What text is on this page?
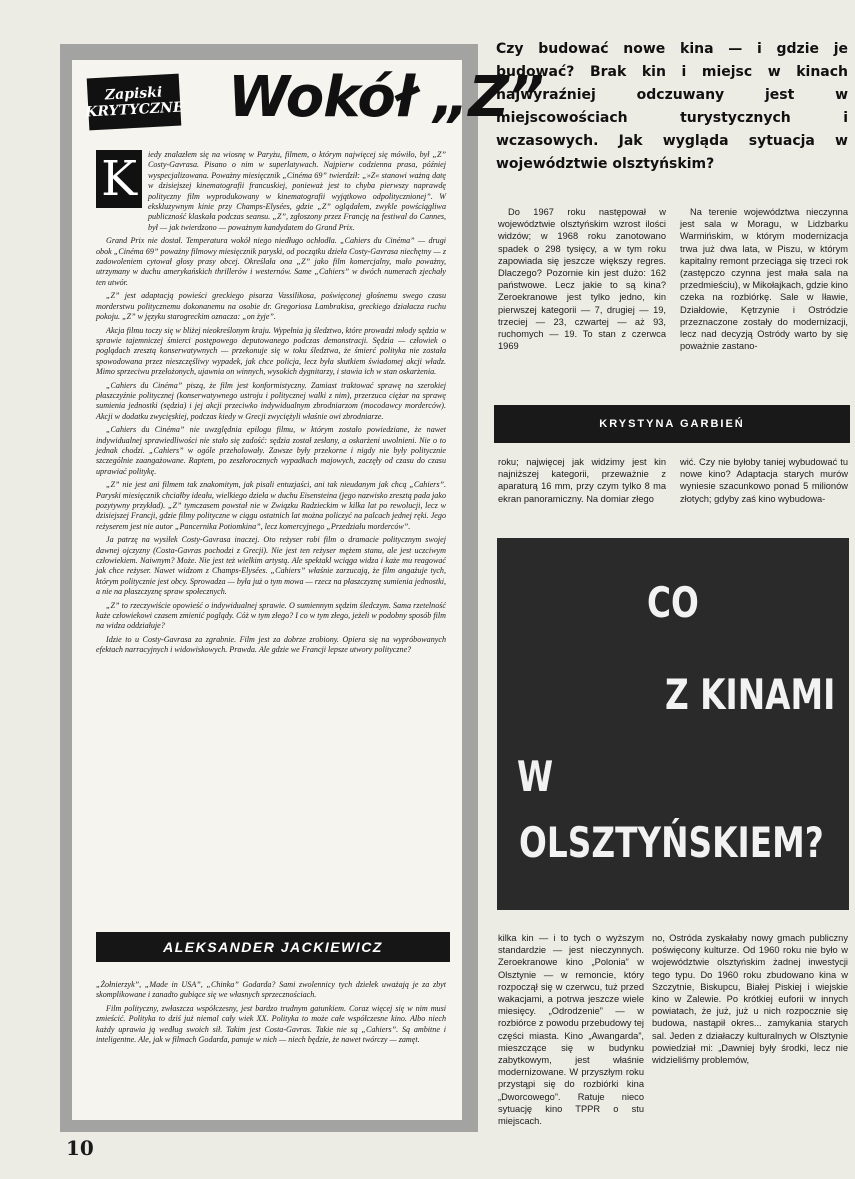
Zapiski
KRYTYCZNE Wokół „Z”
K	iedy znalazłem się na wiosnę w Paryżu, filmem, o którym najwięcej się mówiło, był „Z” Costy-Gavrasa. Pisano o nim w superlatywach. Najpierw codzienna prasa, później wyspecjalizowana. Poważny miesięcznik „Cinéma 69” twierdził: „»Z« stanowi ważną datę w dzisiejszej kinematografii francuskiej, ponieważ jest to chyba pierwszy naprawdę polityczny film wyprodukowany w kinematografii wyjątkowo odpolitycznionej”. W ekskluzywnym kinie przy Champs-Elysées, gdzie „Z” oglądałem, zwykle powściągliwa publiczność klaskała podczas seansu. „Z”, zgłoszony przez Francję na festiwal do Cannes, był — jak twierdzono — poważnym kandydatem do Grand Prix.

Grand Prix nie dostał. Temperatura wokół niego niedługo ochłodła. „Cahiers du Cinéma” — drugi obok „Cinéma 69” poważny filmowy miesięcznik paryski, od początku dzieła Costy-Gavrasa niechętny — z zadowoleniem cytował głosy prasy obcej. Określała ona „Z” jako film komercjalny, mało poważny, utrzymany w duchu amerykańskich thrillerów i westernów. Same „Cahiers” w dwóch numerach zjechały ten utwór.

„Z” jest adaptacją powieści greckiego pisarza Vassilikosa, poświęconej głośnemu swego czasu morderstwu politycznemu dokonanemu na osobie dr. Gregoriosa Lambrakisa, greckiego działacza ruchu pokoju. „Z” w języku starogreckim oznacza: „on żyje”.

Akcja filmu toczy się w bliżej nieokreślonym kraju. Wypełnia ją śledztwo, które prowadzi młody sędzia w sprawie tajemniczej śmierci postępowego deputowanego podczas demonstracji. Sędzia — człowiek o poglądach zresztą konserwatywnych — przekonuje się w toku śledztwa, że śmierć polityka nie została spowodowana przez nieszczęśliwy wypadek, jak chce policja, lecz była skutkiem świadomej akcji władz. Mimo sprzeciwu przełożonych, ujawnia on winnych, wysokich dygnitarzy, i stawia ich w stan oskarżenia.

„Cahiers du Cinéma” piszą, że film jest konformistyczny. Zamiast traktować sprawę na szerokiej płaszczyźnie politycznej (konserwatywnego ustroju i politycznej walki z nim), przerzuca ciężar na sprawę sumienia jednostki (sędzia) i jej akcji przeciwko indywidualnym zbrodniarzom (mocodawcy morderców). Akcji w dodatku zwycięskiej, podczas kiedy w Grecji zwyciężyli właśnie owi zbrodniarze.

„Cahiers du Cinéma” nie uwzględnia epilogu filmu, w którym zostało powiedziane, że nawet indywidualnej sprawiedliwości nie stało się zadość: sędzia został zesłany, a oskarżeni uwolnieni. Nie o to jednak chodzi. „Cahiers” w ogóle przeholowały. Zawsze były przekorne i nigdy nie były politycznie szczególnie zaangażowane. Raptem, po zeszłorocznych wypadkach majowych, zaczęły od czasu do czasu uprawiać politykę.

„Z” nie jest ani filmem tak znakomitym, jak pisali entuzjaści, ani tak nieudanym jak chcą „Cahiers”. Paryski miesięcznik chciałby ideału, wielkiego dzieła w duchu Eisensteina (jego nazwisko zresztą pada jako pozytywny przykład). „Z” tymczasem powstał nie w Związku Radzieckim w kilka lat po rewolucji, lecz w dzisiejszej Francji, gdzie filmy polityczne w ciągu ostatnich lat można policzyć na palcach jednej ręki. Jego reżyserem jest nie autor „Pancernika Potiomkina”, lecz komercyjnego „Przedziału morderców”.

Ja patrzę na wysiłek Costy-Gavrasa inaczej. Oto reżyser robi film o dramacie politycznym swojej dawnej ojczyzny (Costa-Gavras pochodzi z Grecji). Nie jest ten reżyser mężem stanu, ale jest uczciwym człowiekiem. Naiwnym? Może. Nie jest też wielkim artystą. Ale spektakl wciąga widza i każe mu reagować jak chce reżyser. Nawet widzom z Champs-Elysées. „Cahiers” właśnie zarzucają, że film angażuje tych, którym politycznie jest obcy. Sprowadza — była już o tym mowa — rzecz na płaszczyznę sumienia jednostki, a nie na płaszczyznę spraw społecznych.

„Z” to rzeczywiście opowieść o indywidualnej sprawie. O sumiennym sędzim śledczym. Sama rzetelność każe człowiekowi czasem zmienić poglądy. Cóż w tym złego? I co w tym złego, jeżeli w podobny sposób film na widza oddziałuje?

Idzie to u Costy-Gavrasa za zgrabnie. Film jest za dobrze zrobiony. Opiera się na wypróbowanych efektach narracyjnych i widowiskowych. Prawda. Ale gdzie we Francji lepsze utwory polityczne?

ALEKSANDER JACKIEWICZ

„Żołnierzyk”, „Made in USA”, „Chinka” Godarda? Sami zwolennicy tych dziełek uważają je za zbyt skomplikowane i zanadto gubiące się we własnych sprzecznościach.

Film polityczny, zwłaszcza współczesny, jest bardzo trudnym gatunkiem. Coraz więcej się w nim musi zmieścić. Polityka to dziś już niemal cały wiek XX. Polityka to może całe współczesne kino. Albo niech każdy uprawia ją według swoich sił. Takim jest Costa-Gavras. Takie nie są „Cahiers”. Są ambitne i inteligentne. Ale, jak w filmach Godarda, panuje w nich — niech będzie, że nawet twórczy — zamęt.

Czy budować nowe kina — i gdzie je budować? Brak kin i miejsc w kinach najwyraźniej odczuwany jest w miejscowościach turystycznych i wczasowych. Jak wygląda sytuacja w województwie olsztyńskim?

Do 1967 roku następował w województwie olsztyńskim wzrost ilości widzów; w 1968 roku zanotowano spadek o 298 tysięcy, a w tym roku zapowiada się jeszcze większy regres. Dlaczego? Pozornie kin jest dużo: 162 państwowe. Lecz jakie to są kina? Zeroekranowe jest tylko jedno, kin pierwszej kategorii — 7, drugiej — 19, trzeciej — 23, czwartej — aż 93, ruchomych — 19. To stan z czerwca 1969

Na terenie województwa nieczynna jest sala w Moragu, w Lidzbarku Warmińskim, w którym modernizacja trwa już dwa lata, w Piszu, w którym kapitalny remont przeciąga się trzeci rok (zastępczo czynna jest mała sala na przedmieściu), w Mikołajkach, gdzie kino czeka na rozbiórkę. Sale w Iławie, Działdowie, Kętrzynie i Ostródzie przeznaczone zostały do modernizacji, lecz nad decyzją Ostródy warto by się poważnie zastano-

KRYSTYNA GARBIEŃ

roku; najwięcej jak widzimy jest kin najniższej kategorii, przeważnie z aparaturą 16 mm, przy czym tylko 8 ma ekran panoramiczny. Na domiar złego

wić. Czy nie byłoby taniej wybudować tu nowe kino? Adaptacja starych murów wyniesie szacunkowo ponad 5 milionów złotych; gdyby zaś kino wybudowa-

CO
Z KINAMI
W
OLSZTYŃSKIEM?

kilka kin — i to tych o wyższym standardzie — jest nieczynnych. Zeroekranowe kino „Polonia” w Olsztynie — w remoncie, który rozpoczął się w czerwcu, tuż przed wakacjami, a potrwa jeszcze wiele miesięcy. „Odrodzenie” — w rozbiórce z powodu przebudowy tej części miasta. Kino „Awangarda”, mieszczące się w budynku zabytkowym, jest właśnie modernizowane. W przyszłym roku przystąpi się do rozbiórki kina „Dworcowego”. Ratuje nieco sytuację kino TPPR o stu miejscach.

no, Ostróda zyskałaby nowy gmach publiczny poświęcony kulturze. Od 1960 roku nie było w województwie olsztyńskim żadnej inwestycji tego typu. Do 1960 roku zbudowano kina w Szczytnie, Biskupcu, Białej Piskiej i wiejskie kino w Zalewie. Po krótkiej euforii w innych powiatach, że już, już u nich rozpocznie się budowa, nastąpił okres... zamykania starych sal. Jeden z działaczy kulturalnych w Olsztynie powiedział mi: „Dawniej były środki, lecz nie widzieliśmy problemów,

10
